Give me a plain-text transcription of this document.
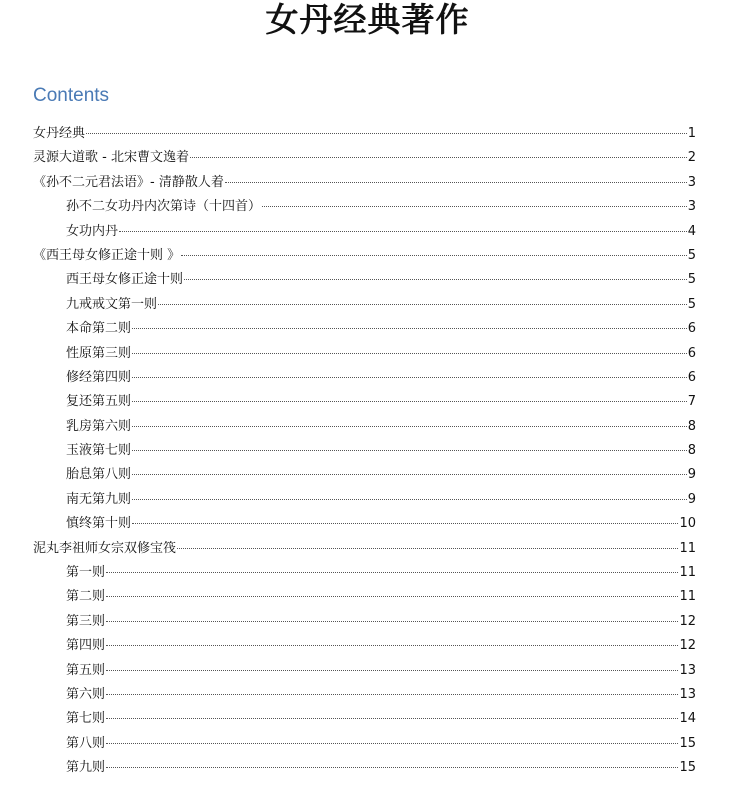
女丹经典著作
Contents
女丹经典	1
灵源大道歌 - 北宋曹文逸着	2
《孙不二元君法语》- 清静散人着	3
孙不二女功丹内次第诗（十四首）	3
女功内丹	4
《西王母女修正途十则 》	5
西王母女修正途十则	5
九戒戒文第一则	5
本命第二则	6
性原第三则	6
修经第四则	6
复还第五则	7
乳房第六则	8
玉液第七则	8
胎息第八则	9
南无第九则	9
慎终第十则	10
泥丸李祖师女宗双修宝筏	11
第一则	11
第二则	11
第三则	12
第四则	12
第五则	13
第六则	13
第七则	14
第八则	15
第九则	15
